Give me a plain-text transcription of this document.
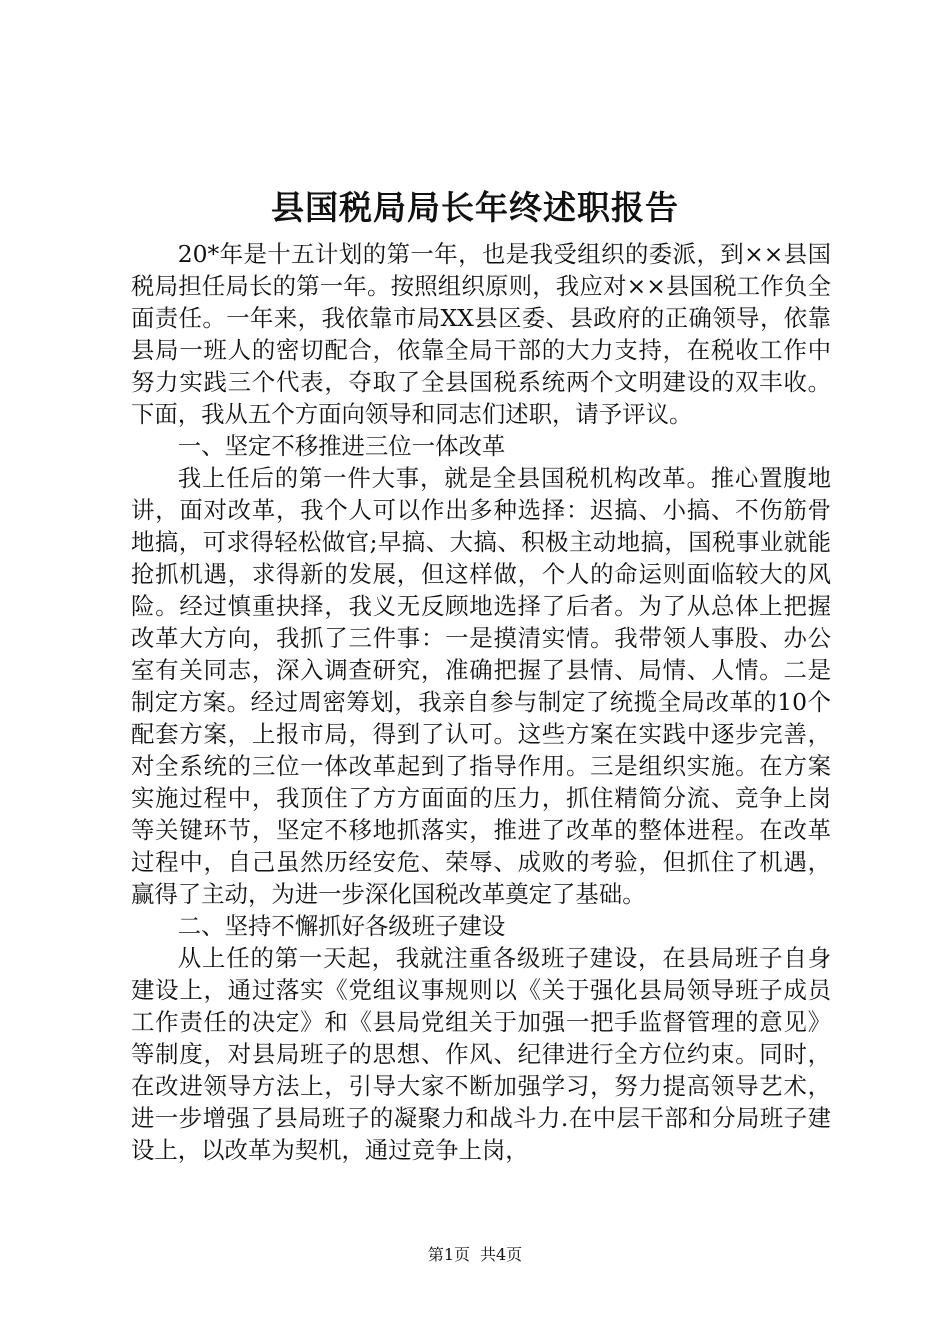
县国税局局长年终述职报告

20*年是十五计划的第一年，也是我受组织的委派，到××县国税局担任局长的第一年。按照组织原则，我应对××县国税工作负全面责任。一年来，我依靠市局XX县区委、县政府的正确领导，依靠县局一班人的密切配合，依靠全局干部的大力支持，在税收工作中努力实践三个代表，夺取了全县国税系统两个文明建设的双丰收。下面，我从五个方面向领导和同志们述职，请予评议。

一、坚定不移推进三位一体改革

我上任后的第一件大事，就是全县国税机构改革。推心置腹地讲，面对改革，我个人可以作出多种选择：迟搞、小搞、不伤筋骨地搞，可求得轻松做官;早搞、大搞、积极主动地搞，国税事业就能抢抓机遇，求得新的发展，但这样做，个人的命运则面临较大的风险。经过慎重抉择，我义无反顾地选择了后者。为了从总体上把握改革大方向，我抓了三件事：一是摸清实情。我带领人事股、办公室有关同志，深入调查研究，准确把握了县情、局情、人情。二是制定方案。经过周密筹划，我亲自参与制定了统揽全局改革的10个配套方案，上报市局，得到了认可。这些方案在实践中逐步完善，对全系统的三位一体改革起到了指导作用。三是组织实施。在方案实施过程中，我顶住了方方面面的压力，抓住精简分流、竞争上岗等关键环节，坚定不移地抓落实，推进了改革的整体进程。在改革过程中，自己虽然历经安危、荣辱、成败的考验，但抓住了机遇，赢得了主动，为进一步深化国税改革奠定了基础。

二、坚持不懈抓好各级班子建设

从上任的第一天起，我就注重各级班子建设，在县局班子自身建设上，通过落实《党组议事规则以《关于强化县局领导班子成员工作责任的决定》和《县局党组关于加强一把手监督管理的意见》等制度，对县局班子的思想、作风、纪律进行全方位约束。同时，在改进领导方法上，引导大家不断加强学习，努力提高领导艺术，进一步增强了县局班子的凝聚力和战斗力.在中层干部和分局班子建设上，以改革为契机，通过竞争上岗，

第1页 共4页
